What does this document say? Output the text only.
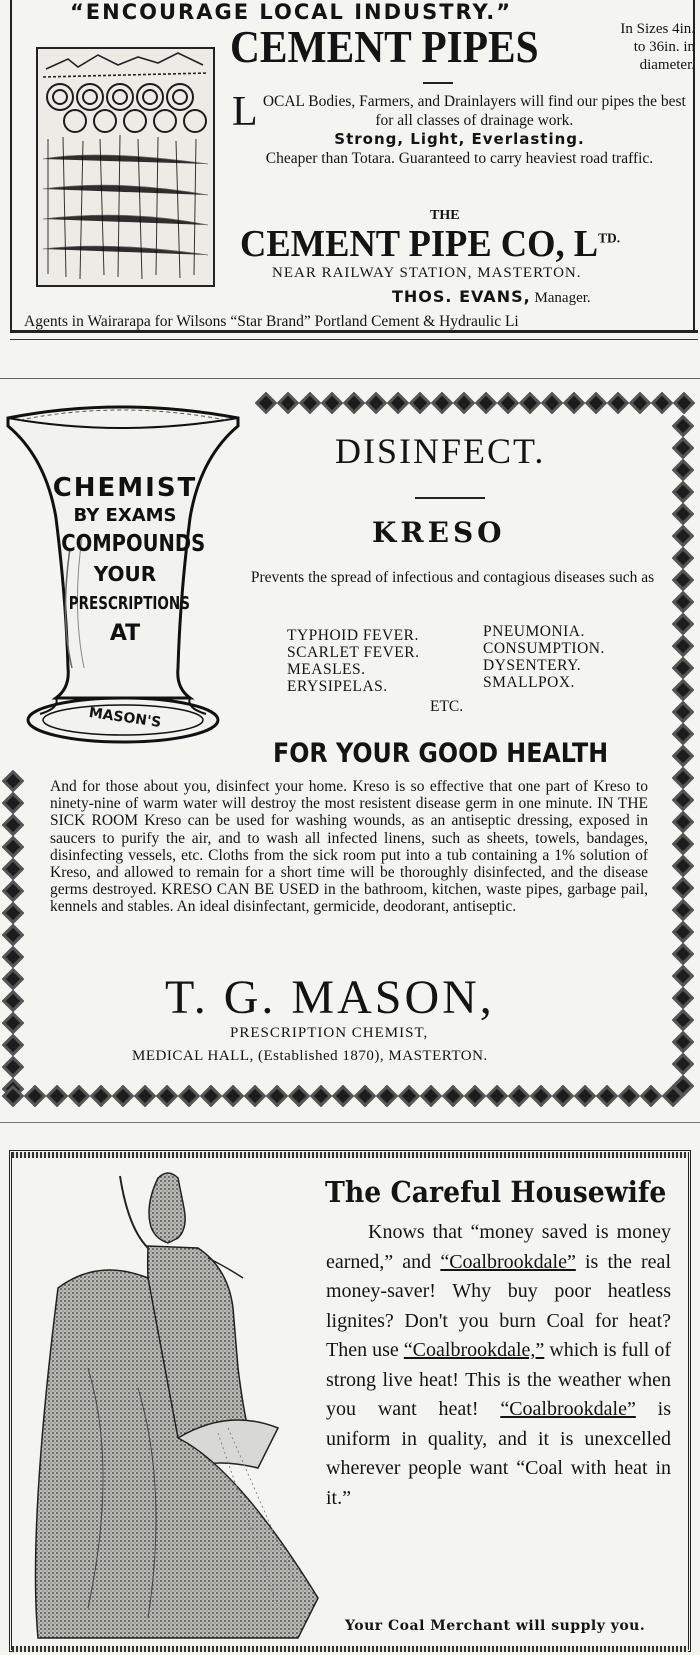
“ENCOURAGE LOCAL INDUSTRY.”
CEMENT PIPES	In Sizes 4in.
to 36in. in
diameter.
L OCAL Bodies, Farmers, and Drainlayers will find our pipes the best for all classes of drainage work.
Strong, Light, Everlasting.
Cheaper than Totara. Guaranteed to carry heaviest road traffic.
THE
CEMENT PIPE CO, $L^{TD.}$
NEAR RAILWAY STATION, MASTERTON.
THOS. EVANS, Manager.
Agents in Wairarapa for Wilsons “Star Brand” Portland Cement & Hydraulic Li
CHEMIST
BY EXAMS
COMPOUNDS
YOUR
PRESCRIPTIONS
AT
MASON'S
DISINFECT.
KRESO
Prevents the spread of infectious and contagious diseases such as
TYPHOID FEVER.
SCARLET FEVER.
MEASLES.
ERYSIPELAS.
PNEUMONIA.
CONSUMPTION.
DYSENTERY.
SMALLPOX.
ETC.
FOR YOUR GOOD HEALTH
And for those about you, disinfect your home. Kreso is so effective that one part of Kreso to ninety-nine of warm water will destroy the most resistent disease germ in one minute. IN THE SICK ROOM Kreso can be used for washing wounds, as an antiseptic dressing, exposed in saucers to purify the air, and to wash all infected linens, such as sheets, towels, bandages, disinfecting vessels, etc. Cloths from the sick room put into a tub containing a 1% solution of Kreso, and allowed to remain for a short time will be thoroughly disinfected, and the disease germs destroyed. KRESO CAN BE USED in the bathroom, kitchen, waste pipes, garbage pail, kennels and stables. An ideal disinfectant, germicide, deodorant, antiseptic.
T. G. MASON,
PRESCRIPTION CHEMIST,
MEDICAL HALL, (Established 1870), MASTERTON.
The Careful Housewife
Knows that “money saved is money earned,” and “Coalbrookdale” is the real money-saver! Why buy poor heatless lignites? Don't you burn Coal for heat? Then use “Coalbrookdale,” which is full of strong live heat! This is the weather when you want heat! “Coalbrookdale” is uniform in quality, and it is unexcelled wherever people want “Coal with heat in it.”
Your Coal Merchant will supply you.
